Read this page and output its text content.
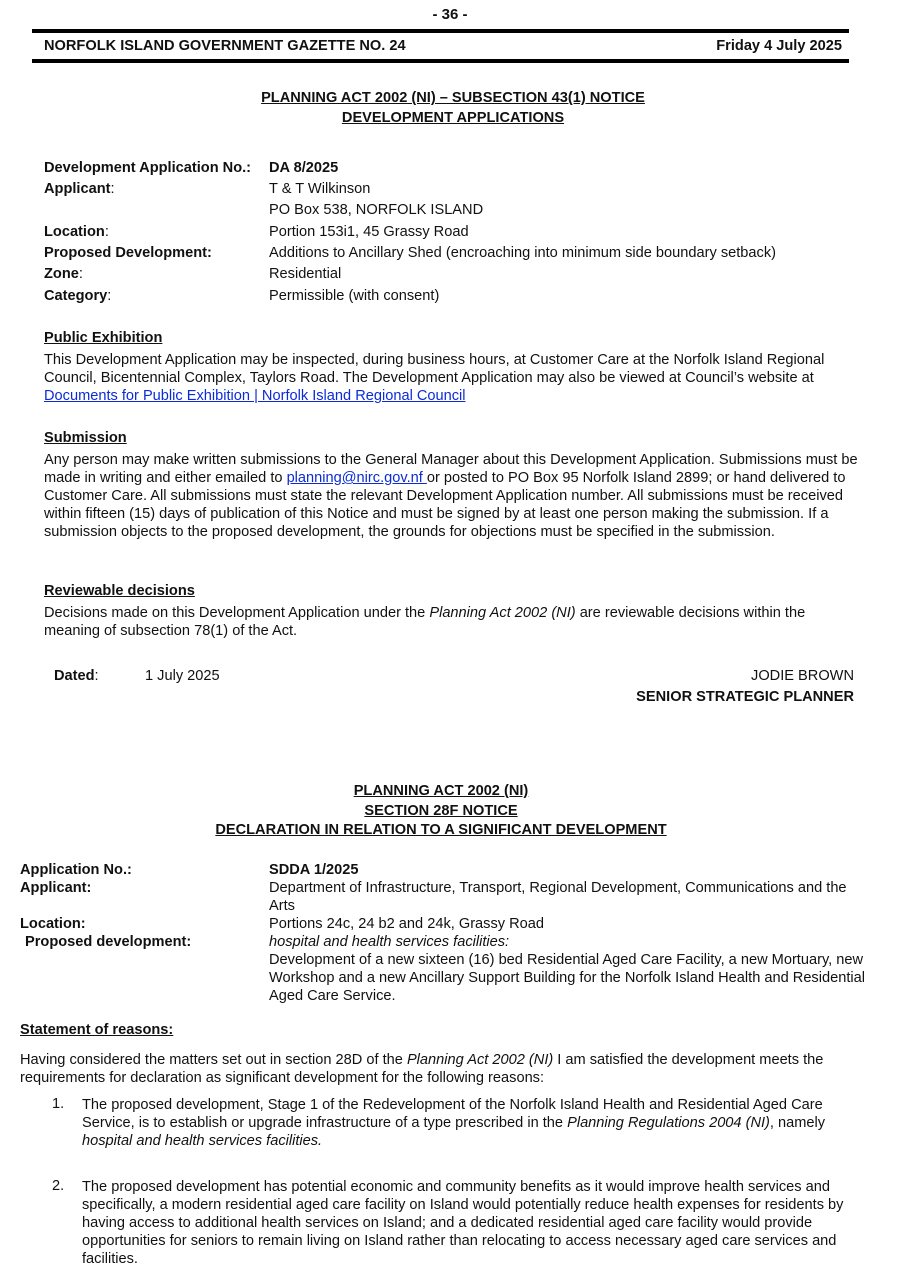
- 36 -
NORFOLK ISLAND GOVERNMENT GAZETTE NO. 24	Friday 4 July 2025
PLANNING ACT 2002 (NI) – SUBSECTION 43(1) NOTICE
DEVELOPMENT APPLICATIONS
Development Application No.: DA 8/2025
Applicant:	T & T Wilkinson
PO Box 538, NORFOLK ISLAND
Location:	Portion 153i1, 45 Grassy Road
Proposed Development:	Additions to Ancillary Shed (encroaching into minimum side boundary setback)
Zone:	Residential
Category:	Permissible (with consent)
Public Exhibition
This Development Application may be inspected, during business hours, at Customer Care at the Norfolk Island Regional Council, Bicentennial Complex, Taylors Road. The Development Application may also be viewed at Council’s website at Documents for Public Exhibition | Norfolk Island Regional Council
Submission
Any person may make written submissions to the General Manager about this Development Application. Submissions must be made in writing and either emailed to planning@nirc.gov.nf or posted to PO Box 95 Norfolk Island 2899; or hand delivered to Customer Care. All submissions must state the relevant Development Application number. All submissions must be received within fifteen (15) days of publication of this Notice and must be signed by at least one person making the submission. If a submission objects to the proposed development, the grounds for objections must be specified in the submission.
Reviewable decisions
Decisions made on this Development Application under the Planning Act 2002 (NI) are reviewable decisions within the meaning of subsection 78(1) of the Act.
Dated:	1 July 2025	JODIE BROWN
SENIOR STRATEGIC PLANNER
PLANNING ACT 2002 (NI)
SECTION 28F NOTICE
DECLARATION IN RELATION TO A SIGNIFICANT DEVELOPMENT
Application No.:	SDDA 1/2025
Applicant:	Department of Infrastructure, Transport, Regional Development, Communications and the Arts
Location:	Portions 24c, 24 b2 and 24k, Grassy Road
Proposed development:	hospital and health services facilities:
Development of a new sixteen (16) bed Residential Aged Care Facility, a new Mortuary, new Workshop and a new Ancillary Support Building for the Norfolk Island Health and Residential Aged Care Service.
Statement of reasons:
Having considered the matters set out in section 28D of the Planning Act 2002 (NI) I am satisfied the development meets the requirements for declaration as significant development for the following reasons:
1.	The proposed development, Stage 1 of the Redevelopment of the Norfolk Island Health and Residential Aged Care Service, is to establish or upgrade infrastructure of a type prescribed in the Planning Regulations 2004 (NI), namely hospital and health services facilities.
2.	The proposed development has potential economic and community benefits as it would improve health services and specifically, a modern residential aged care facility on Island would potentially reduce health expenses for residents by having access to additional health services on Island; and a dedicated residential aged care facility would provide opportunities for seniors to remain living on Island rather than relocating to access necessary aged care services and facilities.
